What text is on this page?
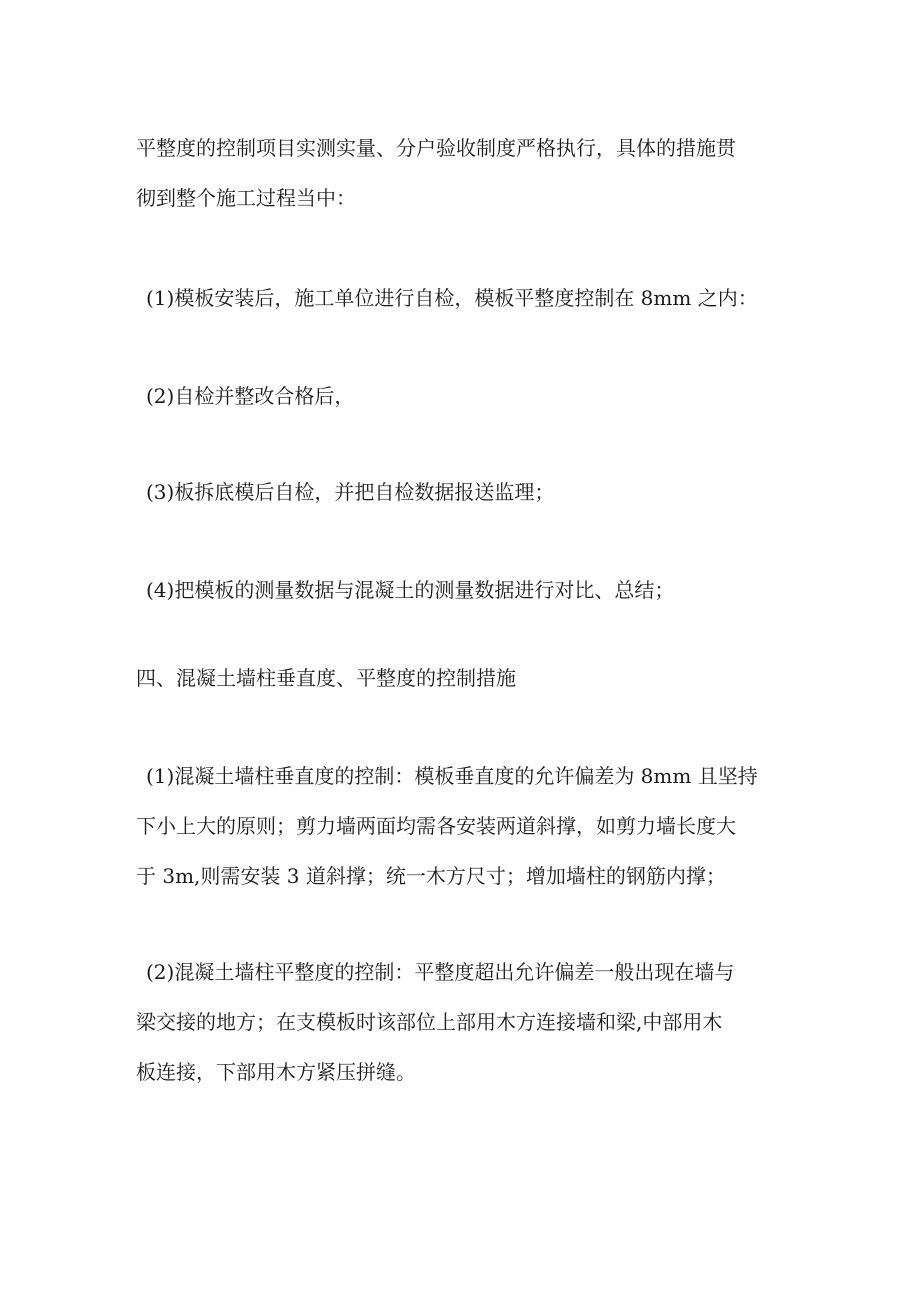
平整度的控制项目实测实量、分户验收制度严格执行，具体的措施贯

彻到整个施工过程当中：

(1)模板安装后，施工单位进行自检，模板平整度控制在 8mm 之内：

(2)自检并整改合格后，

(3)板拆底模后自检，并把自检数据报送监理；

(4)把模板的测量数据与混凝土的测量数据进行对比、总结；

四、混凝土墙柱垂直度、平整度的控制措施

(1)混凝土墙柱垂直度的控制：模板垂直度的允许偏差为 8mm 且坚持

下小上大的原则；剪力墙两面均需各安装两道斜撑，如剪力墙长度大

于 3m,则需安装 3 道斜撑；统一木方尺寸；增加墙柱的钢筋内撑；

(2)混凝土墙柱平整度的控制：平整度超出允许偏差一般出现在墙与

梁交接的地方；在支模板时该部位上部用木方连接墙和梁,中部用木

板连接，下部用木方紧压拼缝。
